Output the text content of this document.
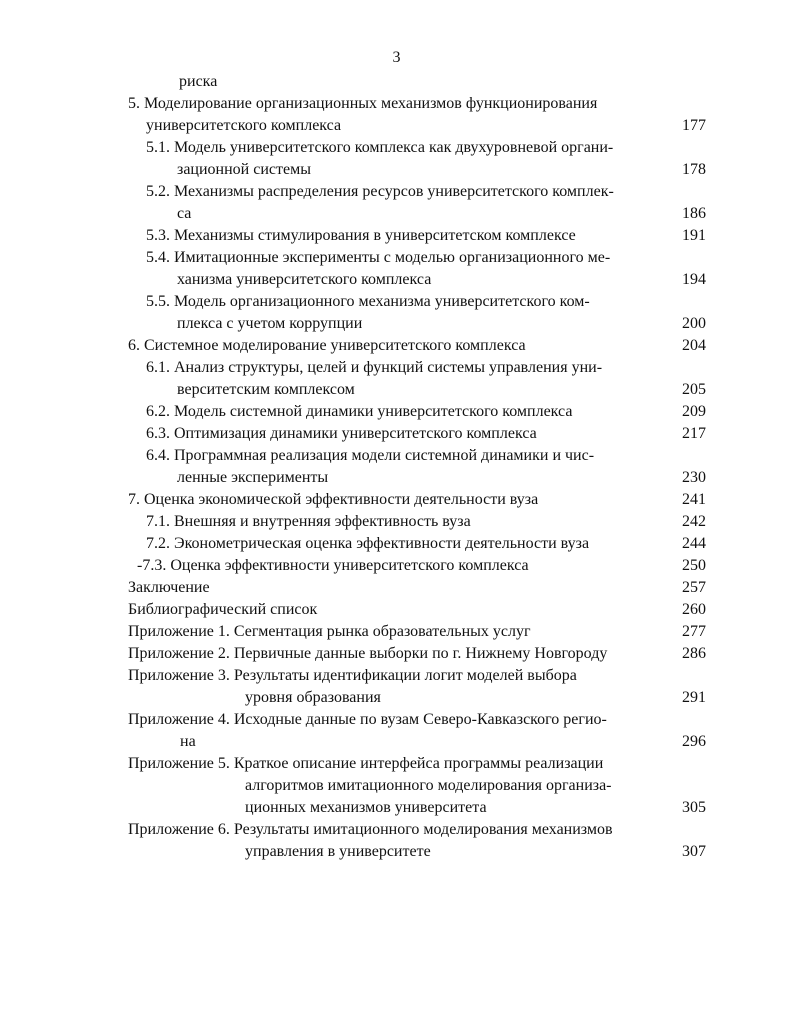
3
риска
5. Моделирование организационных механизмов функционирования
университетского комплекса
5.1. Модель университетского комплекса как двухуровневой органи-
зационной системы
5.2. Механизмы распределения ресурсов университетского комплек-
са
5.3. Механизмы стимулирования в университетском комплексе
5.4. Имитационные эксперименты с моделью организационного ме-
ханизма университетского комплекса
5.5. Модель организационного механизма университетского ком-
плекса с учетом коррупции
6. Системное моделирование университетского комплекса
6.1. Анализ структуры, целей и функций системы управления уни-
верситетским комплексом
6.2. Модель системной динамики университетского комплекса
6.3. Оптимизация динамики университетского комплекса
6.4. Программная реализация модели системной динамики и чис-
ленные эксперименты
7. Оценка экономической эффективности деятельности вуза
7.1. Внешняя и внутренняя эффективность вуза
7.2. Эконометрическая оценка эффективности деятельности вуза
-7.3. Оценка эффективности университетского комплекса
Заключение
Библиографический список
Приложение 1. Сегментация рынка образовательных услуг
Приложение 2. Первичные данные выборки по г. Нижнему Новгороду
Приложение 3. Результаты идентификации логит моделей выбора
уровня образования
Приложение 4. Исходные данные по вузам Северо-Кавказского регио-
на
Приложение 5. Краткое описание интерфейса программы реализации
алгоритмов имитационного моделирования организа-
ционных механизмов университета
Приложение 6. Результаты имитационного моделирования механизмов
управления в университете
177
178
186
191
194
200
204
205
209
217
230
241
242
244
250
257
260
277
286
291
296
305
307
